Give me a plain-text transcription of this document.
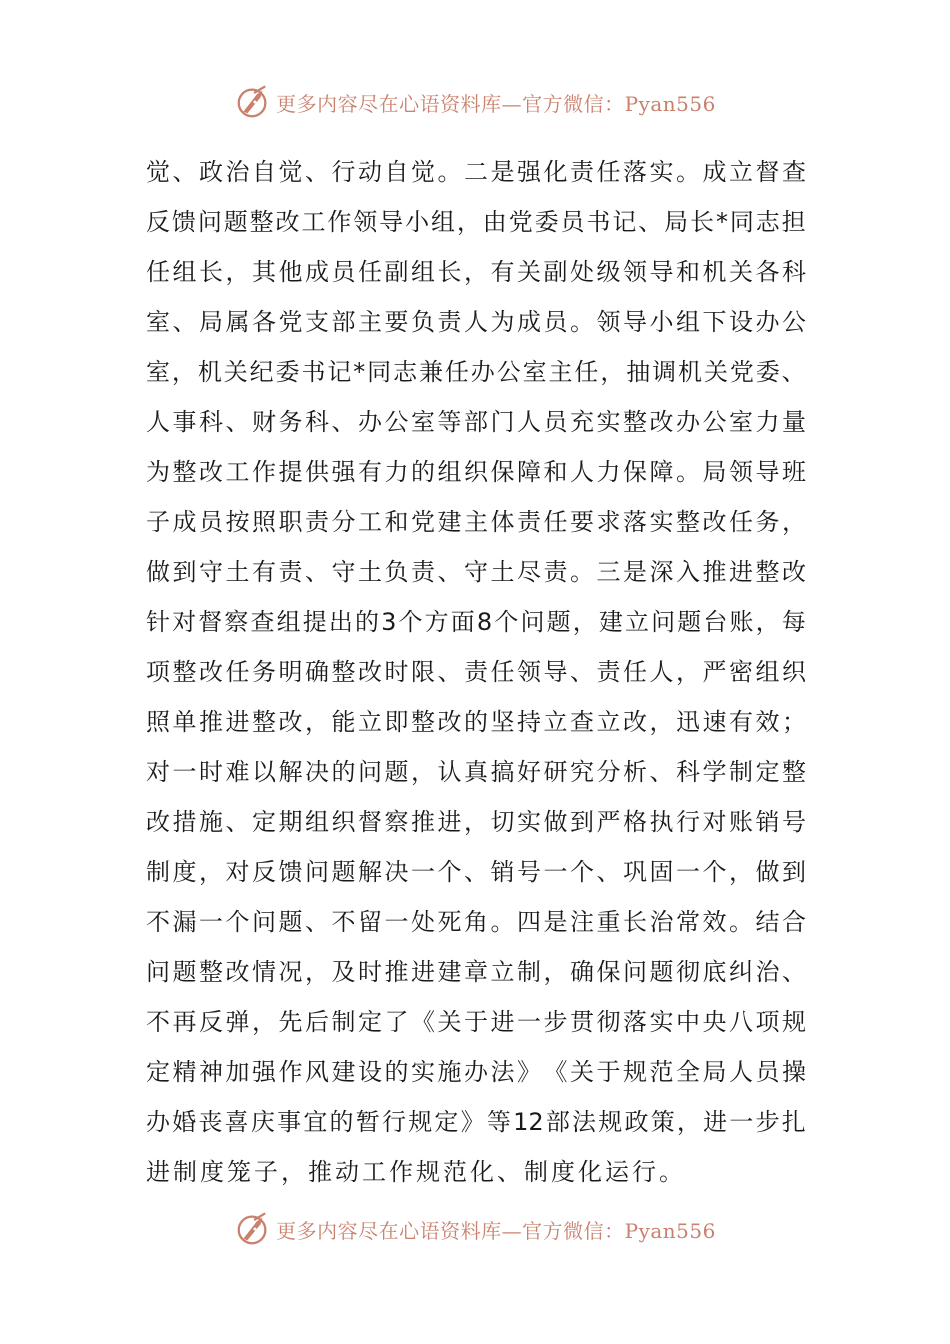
更多内容尽在心语资料库—官方微信：Pyan556
觉 、 政 治 自 觉 、 行 动 自 觉 。 二 是 强 化 责 任 落 实 。 成 立 督 查
反 馈 问 题 整 改 工 作 领 导 小 组 ， 由 党 委 员 书 记 、 局 长 * 同 志 担
任 组 长 ， 其 他 成 员 任 副 组 长 ， 有 关 副 处 级 领 导 和 机 关 各 科
室 、 局 属 各 党 支 部 主 要 负 责 人 为 成 员 。 领 导 小 组 下 设 办 公
室 ， 机 关 纪 委 书 记 * 同 志 兼 任 办 公 室 主 任 ， 抽 调 机 关 党 委 、
人 事 科 、 财 务 科 、 办 公 室 等 部 门 人 员 充 实 整 改 办 公 室 力 量
为 整 改 工 作 提 供 强 有 力 的 组 织 保 障 和 人 力 保 障 。 局 领 导 班
子 成 员 按 照 职 责 分 工 和 党 建 主 体 责 任 要 求 落 实 整 改 任 务 ，
做 到 守 土 有 责 、 守 土 负 责 、 守 土 尽 责 。 三 是 深 入 推 进 整 改
针 对 督 察 查 组 提 出 的 3 个 方 面 8 个 问 题 ， 建 立 问 题 台 账 ， 每
项 整 改 任 务 明 确 整 改 时 限 、 责 任 领 导 、 责 任 人 ， 严 密 组 织
照 单 推 进 整 改 ， 能 立 即 整 改 的 坚 持 立 查 立 改 ， 迅 速 有 效 ；
对 一 时 难 以 解 决 的 问 题 ， 认 真 搞 好 研 究 分 析 、 科 学 制 定 整
改 措 施 、 定 期 组 织 督 察 推 进 ， 切 实 做 到 严 格 执 行 对 账 销 号
制 度 ， 对 反 馈 问 题 解 决 一 个 、 销 号 一 个 、 巩 固 一 个 ， 做 到
不 漏 一 个 问 题 、 不 留 一 处 死 角 。 四 是 注 重 长 治 常 效 。 结 合
问 题 整 改 情 况 ， 及 时 推 进 建 章 立 制 ， 确 保 问 题 彻 底 纠 治 、
不 再 反 弹 ， 先 后 制 定 了 《 关 于 进 一 步 贯 彻 落 实 中 央 八 项 规
定 精 神 加 强 作 风 建 设 的 实 施 办 法 》 《 关 于 规 范 全 局 人 员 操
办 婚 丧 喜 庆 事 宜 的 暂 行 规 定 》 等 12 部 法 规 政 策 ， 进 一 步 扎
进制度笼子，推动工作规范化、制度化运行。
更多内容尽在心语资料库—官方微信：Pyan556
